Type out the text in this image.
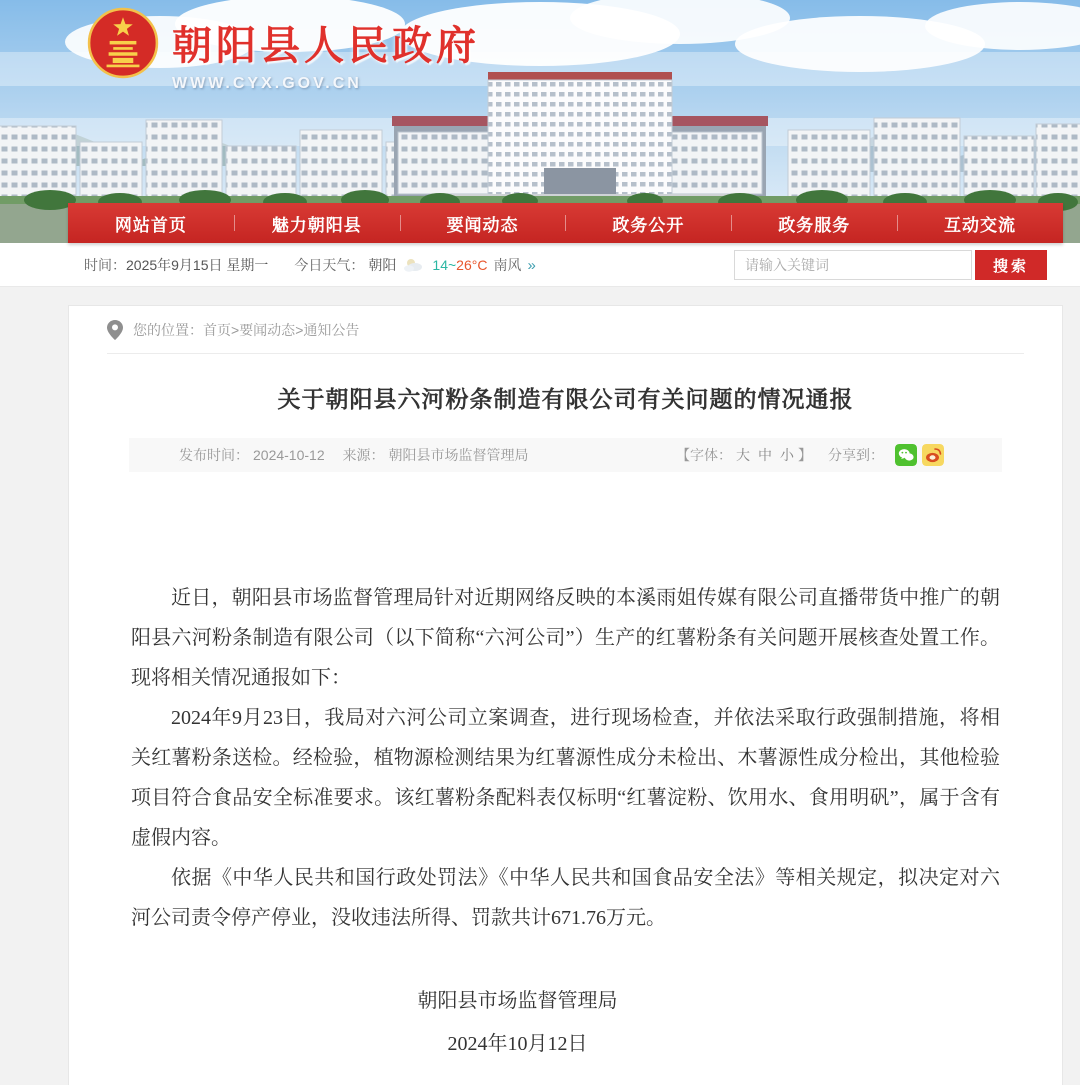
朝阳县人民政府
WWW.CYX.GOV.CN
网站首页	魅力朝阳县	要闻动态	政务公开	政务服务	互动交流
时间： 2025年9月15日 星期一 今日天气： 朝阳	14~ 26°C 南风 »
请输入关键词	搜索
您的位置： 首页 > 要闻动态 > 通知公告
关于朝阳县六河粉条制造有限公司有关问题的情况通报
发布时间： 2024-10-12 来源： 朝阳县市场监督管理局	【字体： 大 中 小 】 分享到：

近日，朝阳县市场监督管理局针对近期网络反映的本溪雨姐传媒有限公司直播带货中推广的朝阳县六河粉条制造有限公司（以下简称“六河公司”）生产的红薯粉条有关问题开展核查处置工作。现将相关情况通报如下：

2024年9月23日，我局对六河公司立案调查，进行现场检查，并依法采取行政强制措施，将相关红薯粉条送检。经检验，植物源检测结果为红薯源性成分未检出、木薯源性成分检出，其他检验项目符合食品安全标准要求。该红薯粉条配料表仅标明“红薯淀粉、饮用水、食用明矾”，属于含有虚假内容。

依据《中华人民共和国行政处罚法》《中华人民共和国食品安全法》等相关规定，拟决定对六河公司责令停产停业，没收违法所得、罚款共计671.76万元。

朝阳县市场监督管理局
2024年10月12日
